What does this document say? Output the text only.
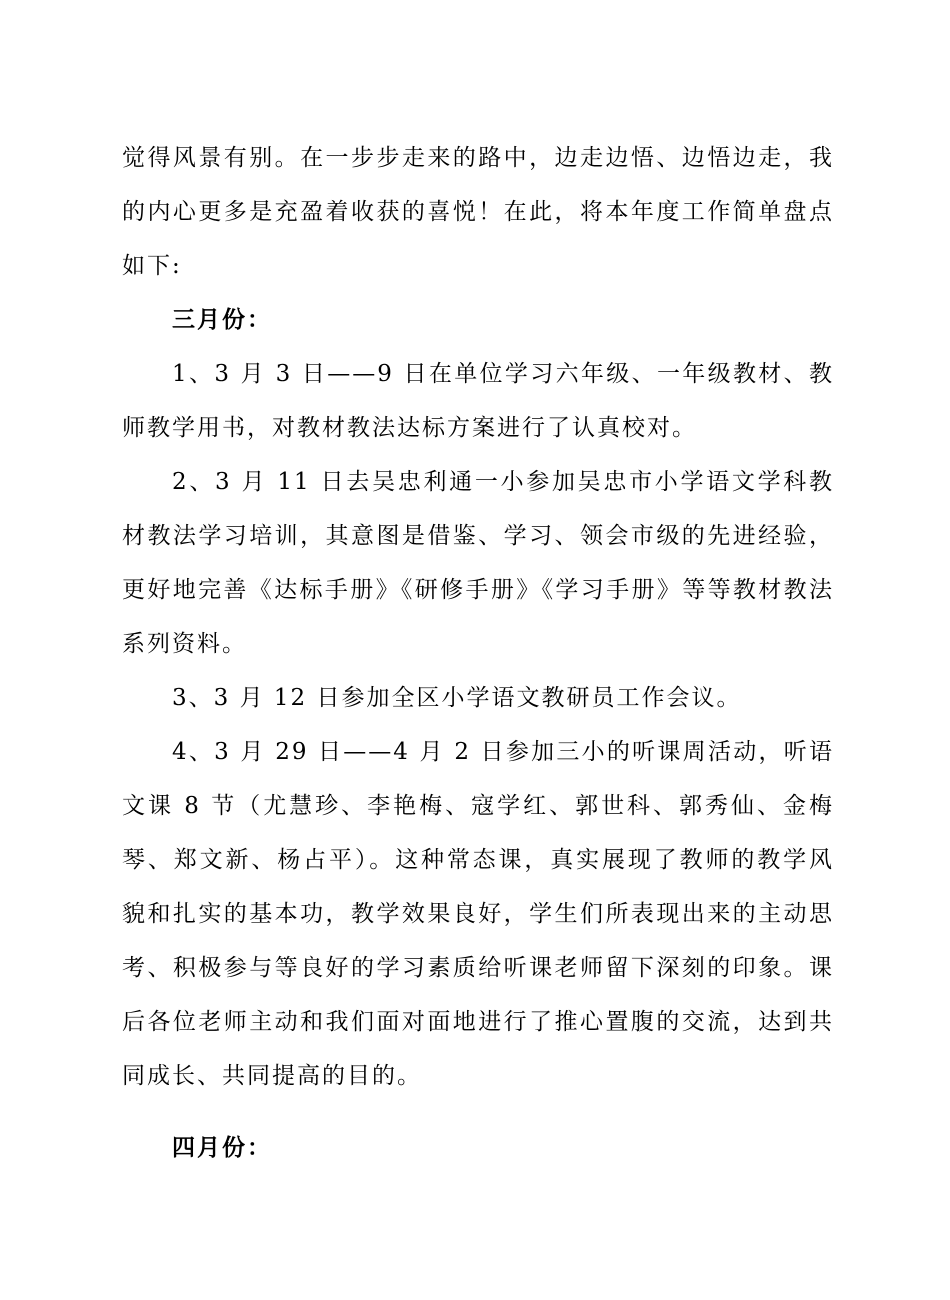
觉得风景有别。在一步步走来的路中，边走边悟、边悟边走，我的内心更多是充盈着收获的喜悦！在此，将本年度工作简单盘点如下:

三月份：

1、3 月 3 日——9 日在单位学习六年级、一年级教材、教师教学用书，对教材教法达标方案进行了认真校对。

2、3 月 11 日去吴忠利通一小参加吴忠市小学语文学科教材教法学习培训，其意图是借鉴、学习、领会市级的先进经验，更好地完善《达标手册》《研修手册》《学习手册》等等教材教法系列资料。

3、3 月 12 日参加全区小学语文教研员工作会议。

4、3 月 29 日——4 月 2 日参加三小的听课周活动，听语文课 8 节（尤慧珍、李艳梅、寇学红、郭世科、郭秀仙、金梅琴、郑文新、杨占平）。这种常态课，真实展现了教师的教学风貌和扎实的基本功，教学效果良好，学生们所表现出来的主动思考、积极参与等良好的学习素质给听课老师留下深刻的印象。课后各位老师主动和我们面对面地进行了推心置腹的交流，达到共同成长、共同提高的目的。

四月份：
